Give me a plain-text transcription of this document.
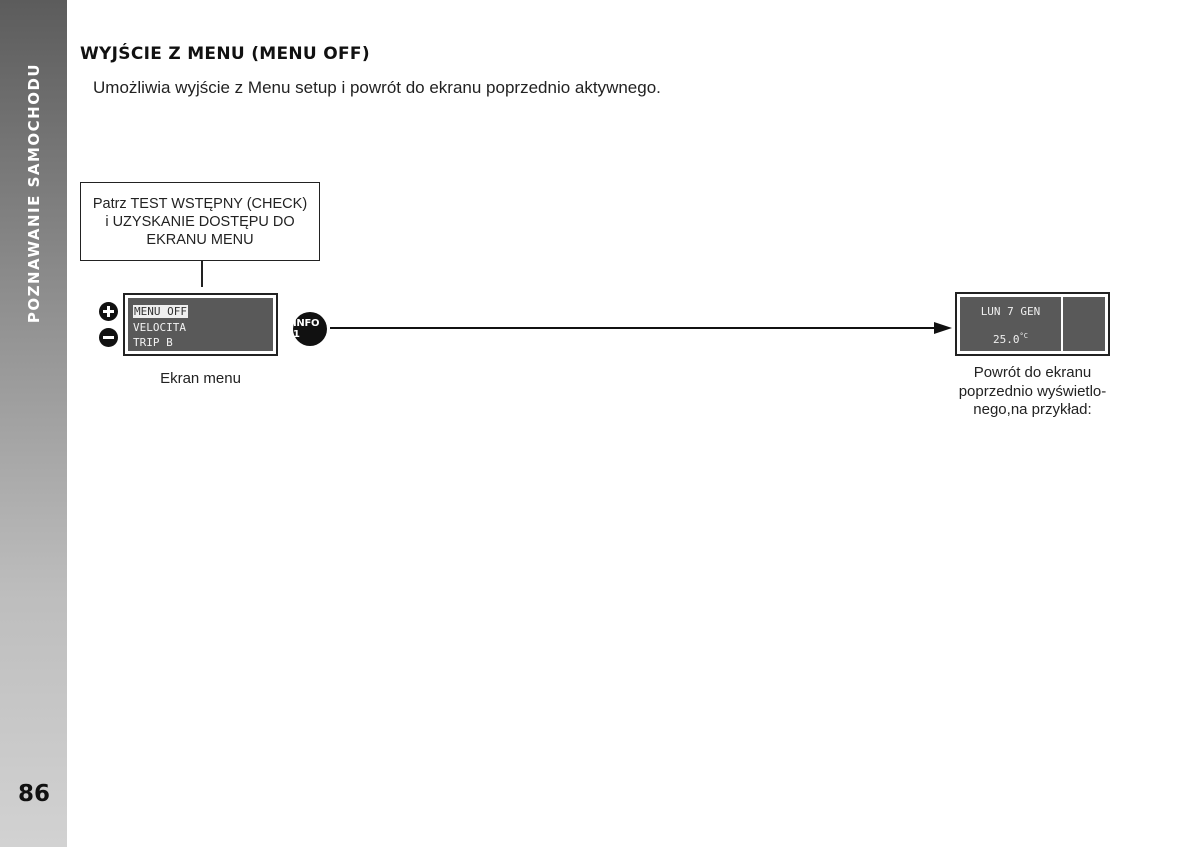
POZNAWANIE SAMOCHODU
86
WYJŚCIE Z MENU (MENU OFF)
Umożliwia wyjście z Menu setup i powrót do ekranu poprzednio aktywnego.
Patrz TEST WSTĘPNY (CHECK)
i UZYSKANIE DOSTĘPU DO
EKRANU MENU
MENU OFF
VELOCITA
TRIP B
Ekran menu
INFO 1
LUN 7 GEN
$25.0^{^\circ C}$
Powrót do ekranu
poprzednio wyświetlo-
nego,na przykład:
